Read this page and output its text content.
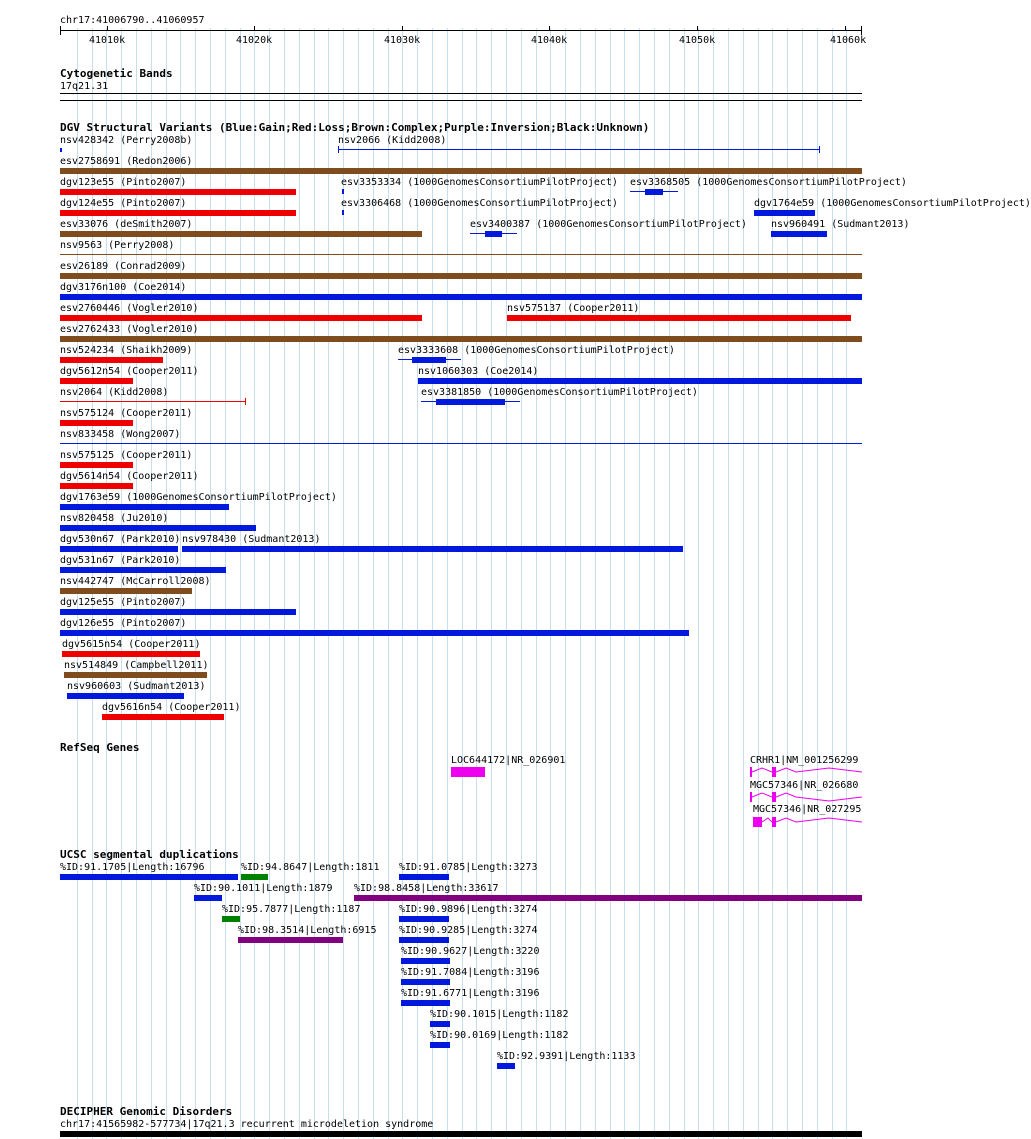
chr17:41006790..41060957
41010k	41020k	41030k	41040k	41050k	41060k
Cytogenetic Bands
17q21.31
DGV Structural Variants (Blue:Gain;Red:Loss;Brown:Complex;Purple:Inversion;Black:Unknown)
nsv428342 (Perry2008b)	nsv2066 (Kidd2008)
esv2758691 (Redon2006)
dgv123e55 (Pinto2007)	esv3353334 (1000GenomesConsortiumPilotProject) esv3368505 (1000GenomesConsortiumPilotProject)
dgv124e55 (Pinto2007)	esv3306468 (1000GenomesConsortiumPilotProject)	dgv1764e59 (1000GenomesConsortiumPilotProject)
esv33076 (deSmith2007)	esv3400387 (1000GenomesConsortiumPilotProject) nsv960491 (Sudmant2013)
nsv9563 (Perry2008)
esv26189 (Conrad2009)
dgv3176n100 (Coe2014)
esv2760446 (Vogler2010)	nsv575137 (Cooper2011)
esv2762433 (Vogler2010)
nsv524234 (Shaikh2009)	esv3333608 (1000GenomesConsortiumPilotProject)
dgv5612n54 (Cooper2011)	nsv1060303 (Coe2014)
nsv2064 (Kidd2008)	esv3381850 (1000GenomesConsortiumPilotProject)
nsv575124 (Cooper2011)
nsv833458 (Wong2007)
nsv575125 (Cooper2011)
dgv5614n54 (Cooper2011)
dgv1763e59 (1000GenomesConsortiumPilotProject)
nsv820458 (Ju2010)
dgv530n67 (Park2010) nsv978430 (Sudmant2013)
dgv531n67 (Park2010)
nsv442747 (McCarroll2008)
dgv125e55 (Pinto2007)
dgv126e55 (Pinto2007)
dgv5615n54 (Cooper2011)
nsv514849 (Campbell2011)
nsv960603 (Sudmant2013)
dgv5616n54 (Cooper2011)
RefSeq Genes
LOC644172|NR_026901	CRHR1|NM_001256299
MGC57346|NR_026680
MGC57346|NR_027295
UCSC segmental duplications
%ID:91.1705|Length:16796	%ID:94.8647|Length:1811 %ID:91.0785|Length:3273
%ID:90.1011|Length:1879 %ID:98.8458|Length:33617
%ID:95.7877|Length:1187	%ID:90.9896|Length:3274
%ID:98.3514|Length:6915 %ID:90.9285|Length:3274
%ID:90.9627|Length:3220
%ID:91.7084|Length:3196
%ID:91.6771|Length:3196
%ID:90.1015|Length:1182
%ID:90.0169|Length:1182
%ID:92.9391|Length:1133
DECIPHER Genomic Disorders
chr17:41565982-577734|17q21.3 recurrent microdeletion syndrome
